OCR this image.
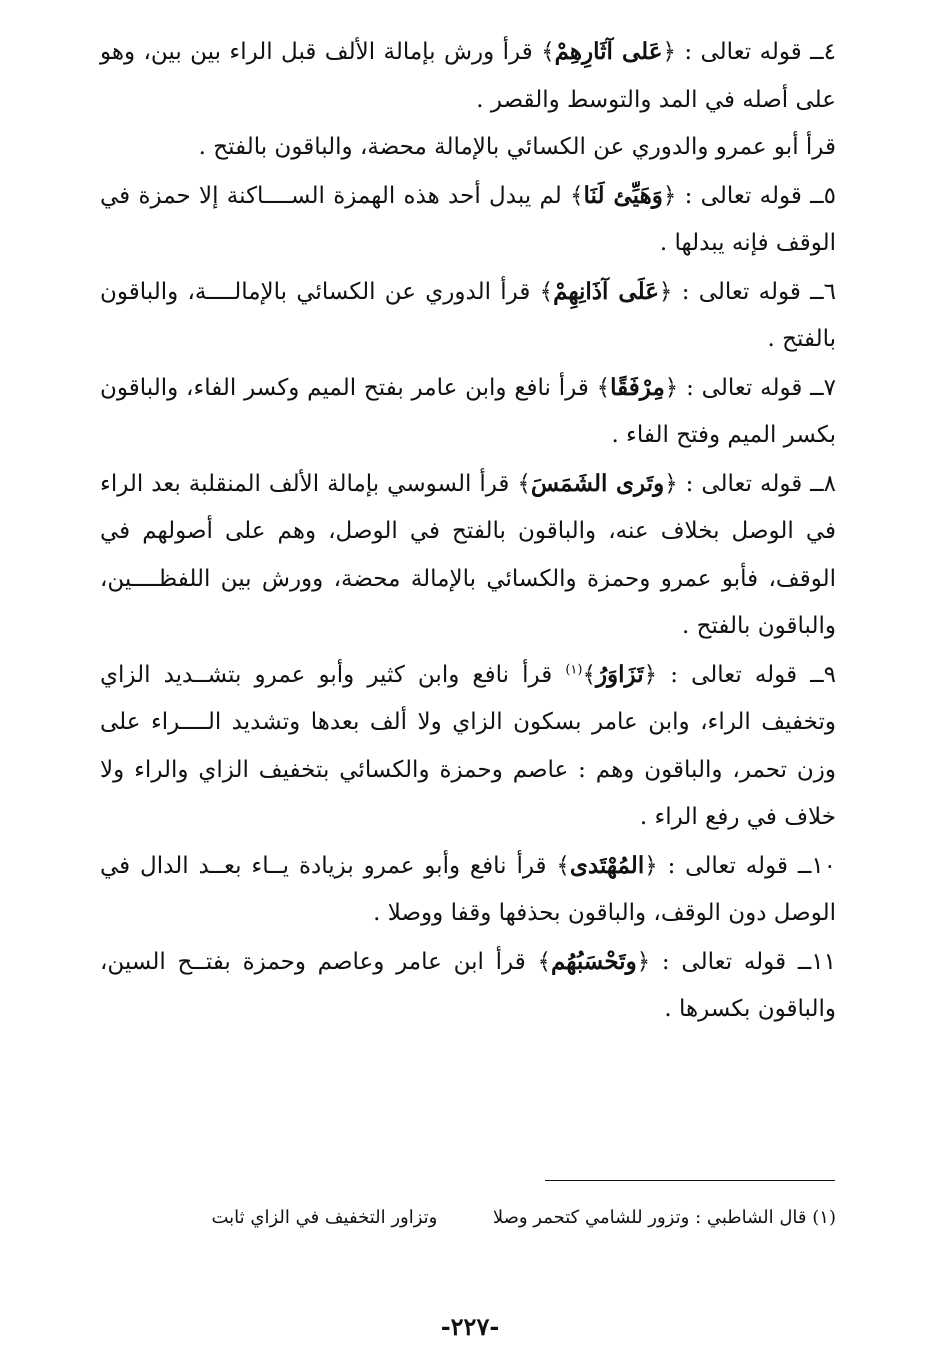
٤ــ قوله تعالى : ﴿عَلى آثَارِهِمْ﴾ قرأ ورش بإمالة الألف قبل الراء بين بين، وهو على أصله في المد والتوسط والقصر .

قرأ أبو عمرو والدوري عن الكسائي بالإمالة محضة، والباقون بالفتح .

٥ــ قوله تعالى : ﴿وَهَيِّئ لَنَا﴾ لم يبدل أحد هذه الهمزة الســــاكنة إلا حمزة في الوقف فإنه يبدلها .

٦ــ قوله تعالى : ﴿عَلَى آذَانِهِمْ﴾ قرأ الدوري عن الكسائي بالإمالــــة، والباقون بالفتح .

٧ــ قوله تعالى : ﴿مِرْفَقًا﴾ قرأ نافع وابن عامر بفتح الميم وكسر الفاء، والباقون بكسر الميم وفتح الفاء .

٨ــ قوله تعالى : ﴿وتَرى الشَمَسَ﴾ قرأ السوسي بإمالة الألف المنقلبة بعد الراء في الوصل بخلاف عنه، والباقون بالفتح في الوصل، وهم على أصولهم في الوقف، فأبو عمرو وحمزة والكسائي بالإمالة محضة، وورش بين اللفظــــين، والباقون بالفتح .

٩ــ قوله تعالى : ﴿تَزَاوَرُ﴾$^{(١)}$ قرأ نافع وابن كثير وأبو عمرو بتشــديد الزاي وتخفيف الراء، وابن عامر بسكون الزاي ولا ألف بعدها وتشديد الــــراء على وزن تحمر، والباقون وهم : عاصم وحمزة والكسائي بتخفيف الزاي والراء ولا خلاف في رفع الراء .

١٠ــ قوله تعالى : ﴿المُهْتَدى﴾ قرأ نافع وأبو عمرو بزيادة يــاء بعــد الدال في الوصل دون الوقف، والباقون بحذفها وقفا ووصلا .

١١ــ قوله تعالى : ﴿وتَحْسَبُهُم﴾ قرأ ابن عامر وعاصم وحمزة بفتــح السين، والباقون بكسرها .

(١) قال الشاطبي : وتزور للشامي كتحمر وصلا  وتزاور التخفيف في الزاي ثابت
-٢٢٧-
